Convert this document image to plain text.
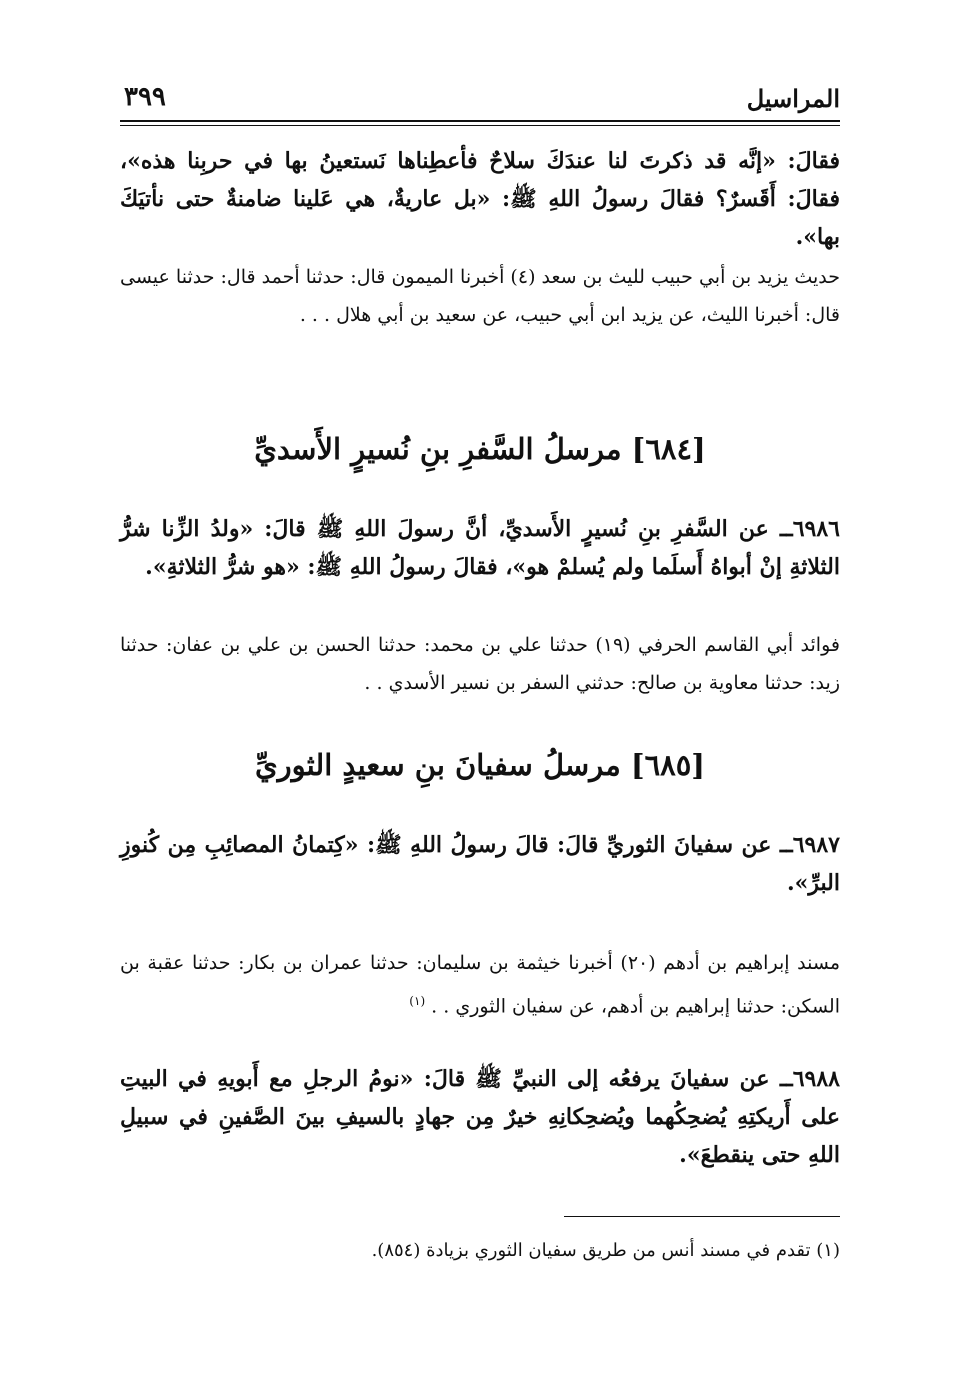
المراسيل
٣٩٩
فقالَ: «إنَّه قد ذكرتَ لنا عندَكَ سلاحٌ فأعطِناها نَستعينُ بها في حربِنا هذه»، فقالَ: أَقَسرٌ؟ فقالَ رسولُ اللهِ ﷺ: «بل عاريةٌ، هي عَلينا ضامنةٌ حتى نأتيَكَ بها».
حديث يزيد بن أبي حبيب لليث بن سعد (٤) أخبرنا الميمون قال: حدثنا أحمد قال: حدثنا عيسى قال: أخبرنا الليث، عن يزيد ابن أبي حبيب، عن سعيد بن أبي هلال . . .
[٦٨٤] مرسلُ السَّفرِ بنِ نُسيرٍ الأَسديِّ
٦٩٨٦ــ عن السَّفرِ بنِ نُسيرٍ الأَسديِّ، أنَّ رسولَ اللهِ ﷺ قالَ: «ولدُ الزِّنا شرُّ الثلاثةِ إنْ أبواهُ أَسلَما ولم يُسلمْ هو»، فقالَ رسولُ اللهِ ﷺ: «هو شرُّ الثلاثةِ».
فوائد أبي القاسم الحرفي (١٩) حدثنا علي بن محمد: حدثنا الحسن بن علي بن عفان: حدثنا زيد: حدثنا معاوية بن صالح: حدثني السفر بن نسير الأسدي . .
[٦٨٥] مرسلُ سفيانَ بنِ سعيدٍ الثوريِّ
٦٩٨٧ــ عن سفيانَ الثوريِّ قالَ: قالَ رسولُ اللهِ ﷺ: «كِتمانُ المصائِبِ مِن كُنوزِ البرِّ».
مسند إبراهيم بن أدهم (٢٠) أخبرنا خيثمة بن سليمان: حدثنا عمران بن بكار: حدثنا عقبة بن السكن: حدثنا إبراهيم بن أدهم، عن سفيان الثوري . . $^{(١)}$
٦٩٨٨ــ عن سفيانَ يرفعُه إلى النبيِّ ﷺ قالَ: «نومُ الرجلِ مع أَبويهِ في البيتِ على أَريكتِهِ يُضحِكُهما ويُضحِكانِهِ خيرٌ مِن جهادٍ بالسيفِ بينَ الصَّفينِ في سبيلِ اللهِ حتى ينقطعَ».
(١) تقدم في مسند أنس من طريق سفيان الثوري بزيادة (٨٥٤).
